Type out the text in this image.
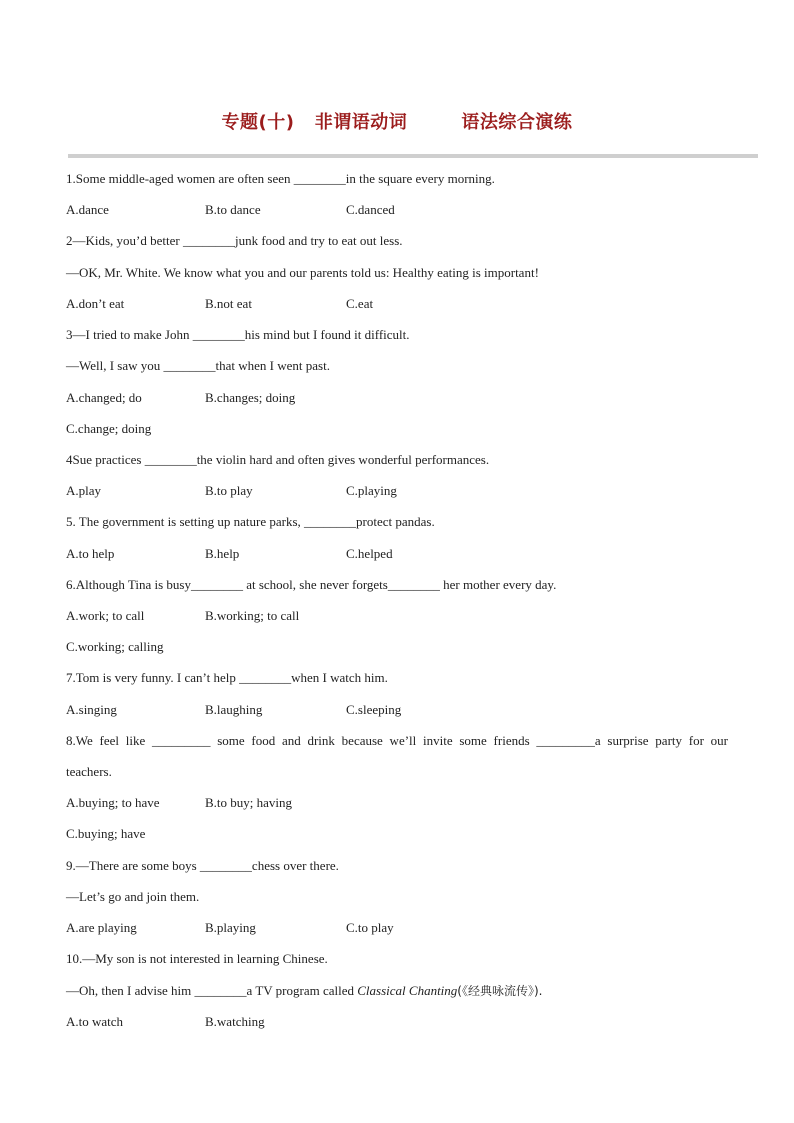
专题(十)   非谓语动词        语法综合演练
1.Some middle-aged women are often seen ________in the square every morning.
A.dance	B.to dance	C.danced
2—Kids, you’d better ________junk food and try to eat out less.
—OK, Mr. White. We know what you and our parents told us: Healthy eating is important!
A.don’t eat	B.not eat	C.eat
3—I tried to make John ________his mind but I found it difficult.
—Well, I saw you ________that when I went past.
A.changed; do	B.changes; doing
C.change; doing
4Sue practices ________the violin hard and often gives wonderful performances.
A.play	B.to play	C.playing
5. The government is setting up nature parks, ________protect pandas.
A.to help	B.help	C.helped
6.Although Tina is busy________ at school, she never forgets________ her mother every day.
A.work; to call	B.working; to call
C.working; calling
7.Tom is very funny. I can’t help ________when I watch him.
A.singing	B.laughing	C.sleeping
8.We feel like _________ some food and drink because we’ll invite some friends _________a surprise party for our
teachers.
A.buying; to have	B.to buy; having
C.buying; have
9.—There are some boys ________chess over there.
—Let’s go and join them.
A.are playing	B.playing	C.to play
10.—My son is not interested in learning Chinese.
—Oh, then I advise him ________a TV program called Classical Chanting(《经典咏流传》).
A.to watch	B.watching
